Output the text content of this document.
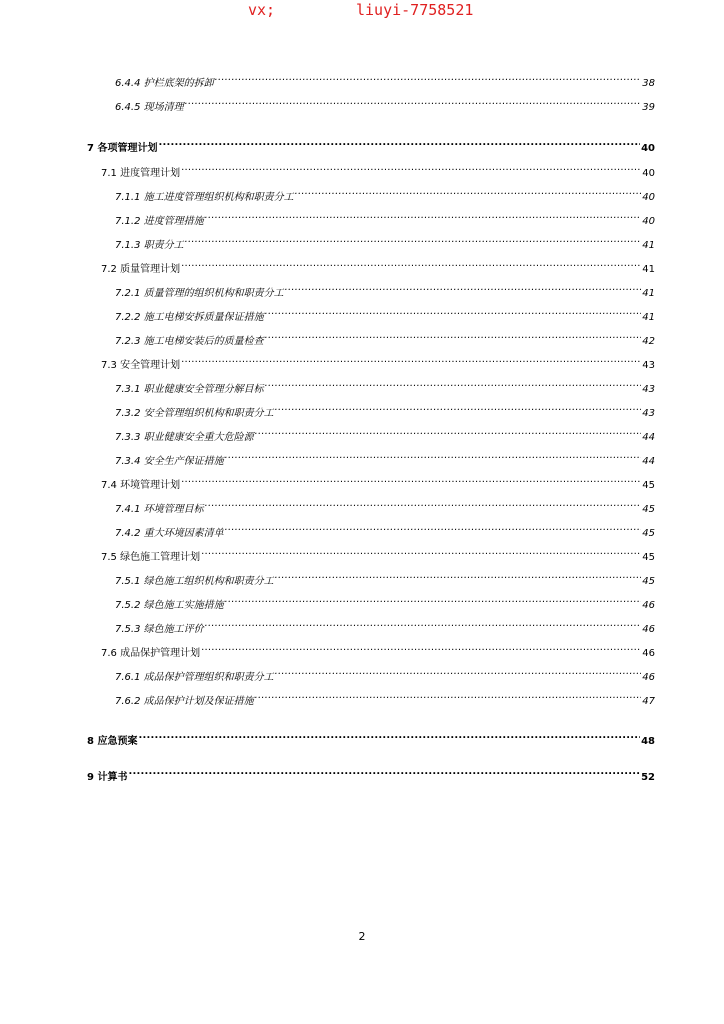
vx;	liuyi-7758521
6.4.4 护栏底架的拆卸 .....	38
6.4.5 现场清理 .....	39
7 各项管理计划 .....	40
7.1 进度管理计划 .....	40
7.1.1 施工进度管理组织机构和职责分工 .....	40
7.1.2 进度管理措施 .....	40
7.1.3 职责分工 .....	41
7.2 质量管理计划 .....	41
7.2.1 质量管理的组织机构和职责分工 .....	41
7.2.2 施工电梯安拆质量保证措施 .....	41
7.2.3 施工电梯安装后的质量检查 .....	42
7.3 安全管理计划 .....	43
7.3.1 职业健康安全管理分解目标 .....	43
7.3.2 安全管理组织机构和职责分工 .....	43
7.3.3 职业健康安全重大危险源 .....	44
7.3.4 安全生产保证措施 .....	44
7.4 环境管理计划 .....	45
7.4.1 环境管理目标 .....	45
7.4.2 重大环境因素清单 .....	45
7.5 绿色施工管理计划 .....	45
7.5.1 绿色施工组织机构和职责分工 .....	45
7.5.2 绿色施工实施措施 .....	46
7.5.3 绿色施工评价 .....	46
7.6 成品保护管理计划 .....	46
7.6.1 成品保护管理组织和职责分工 .....	46
7.6.2 成品保护计划及保证措施 .....	47
8 应急预案 .....	48
9 计算书 .....	52
2
